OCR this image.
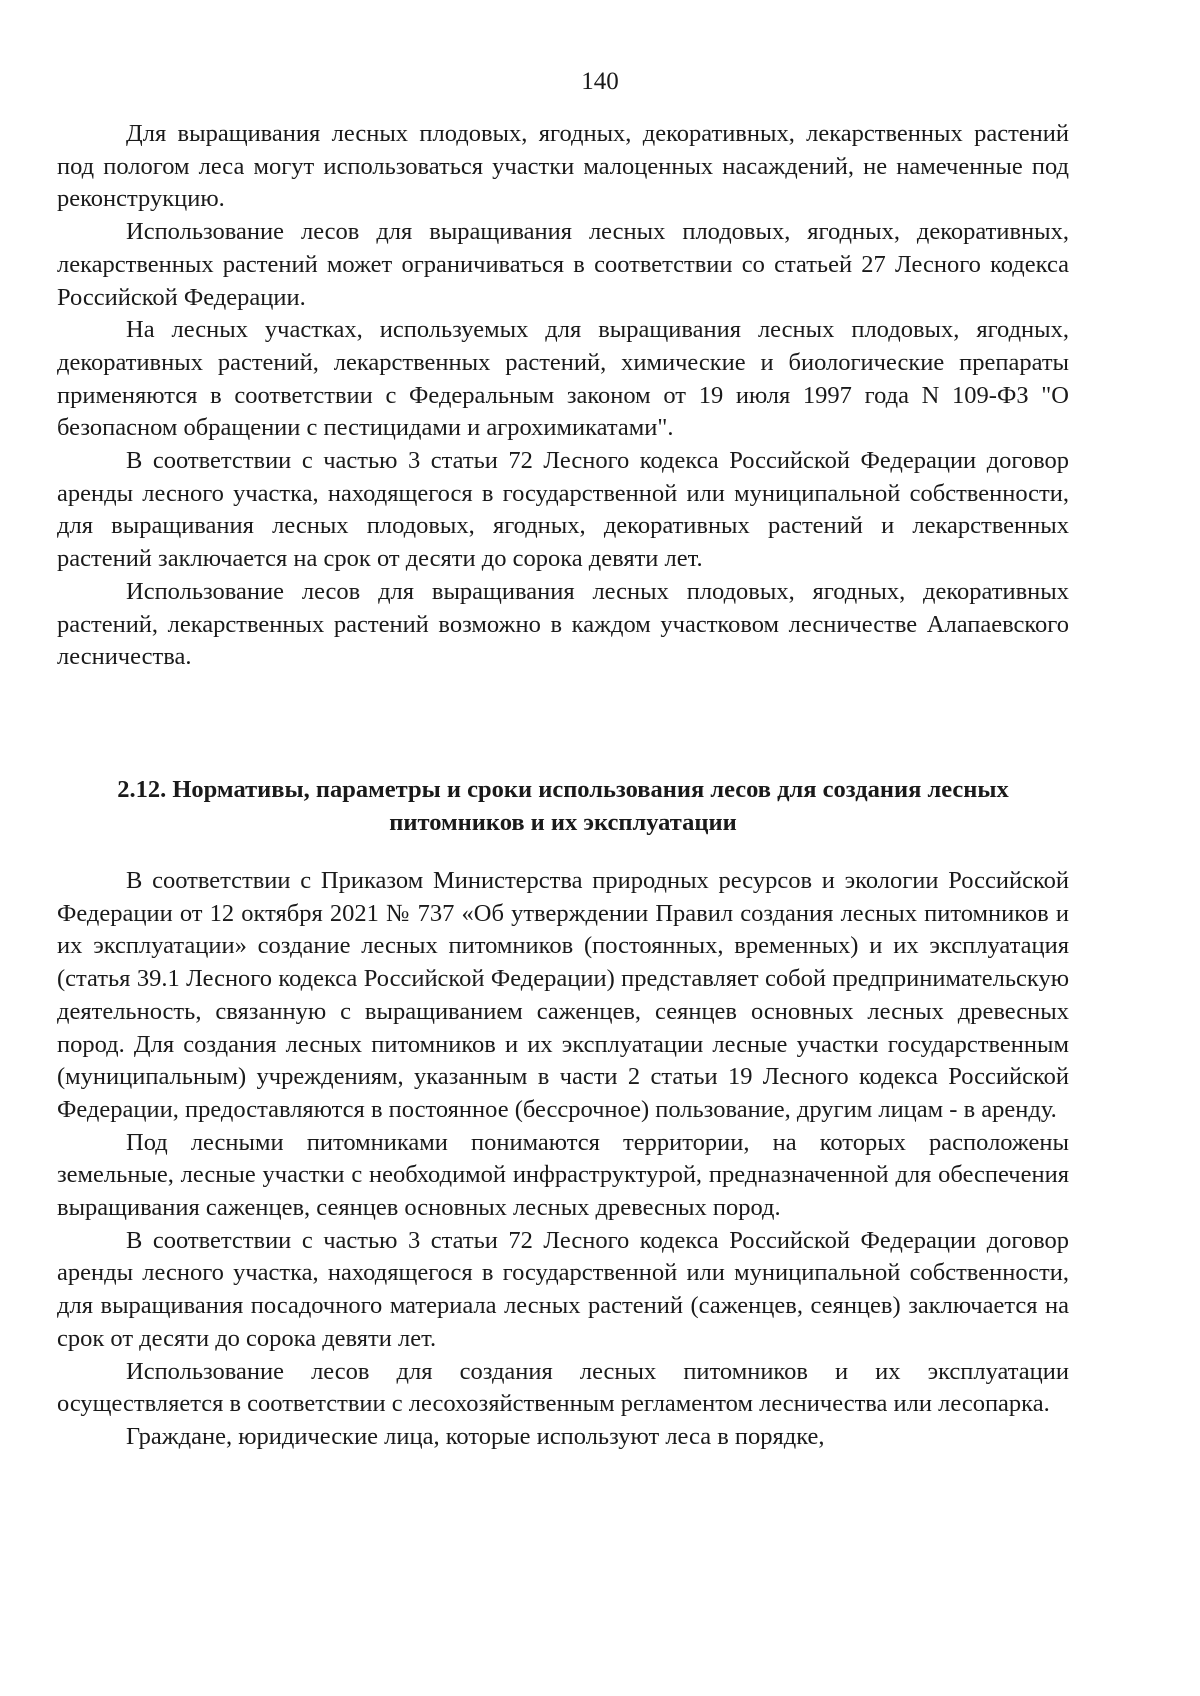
140

Для выращивания лесных плодовых, ягодных, декоративных, лекарственных растений под пологом леса могут использоваться участки малоценных насаждений, не намеченные под реконструкцию.

Использование лесов для выращивания лесных плодовых, ягодных, декоративных, лекарственных растений может ограничиваться в соответствии со статьей 27 Лесного кодекса Российской Федерации.

На лесных участках, используемых для выращивания лесных плодовых, ягодных, декоративных растений, лекарственных растений, химические и биологические препараты применяются в соответствии с Федеральным законом от 19 июля 1997 года N 109-ФЗ "О безопасном обращении с пестицидами и агрохимикатами".

В соответствии с частью 3 статьи 72 Лесного кодекса Российской Федерации договор аренды лесного участка, находящегося в государственной или муниципальной собственности, для выращивания лесных плодовых, ягодных, декоративных растений и лекарственных растений заключается на срок от десяти до сорока девяти лет.

Использование лесов для выращивания лесных плодовых, ягодных, декоративных растений, лекарственных растений возможно в каждом участковом лесничестве Алапаевского лесничества.

2.12. Нормативы, параметры и сроки использования лесов для создания лесных
питомников и их эксплуатации

В соответствии с Приказом Министерства природных ресурсов и экологии Российской Федерации от 12 октября 2021 № 737 «Об утверждении Правил создания лесных питомников и их эксплуатации» создание лесных питомников (постоянных, временных) и их эксплуатация (статья 39.1 Лесного кодекса Российской Федерации) представляет собой предпринимательскую деятельность, связанную с выращиванием саженцев, сеянцев основных лесных древесных пород. Для создания лесных питомников и их эксплуатации лесные участки государственным (муниципальным) учреждениям, указанным в части 2 статьи 19 Лесного кодекса Российской Федерации, предоставляются в постоянное (бессрочное) пользование, другим лицам - в аренду.

Под лесными питомниками понимаются территории, на которых расположены земельные, лесные участки с необходимой инфраструктурой, предназначенной для обеспечения выращивания саженцев, сеянцев основных лесных древесных пород.

В соответствии с частью 3 статьи 72 Лесного кодекса Российской Федерации договор аренды лесного участка, находящегося в государственной или муниципальной собственности, для выращивания посадочного материала лесных растений (саженцев, сеянцев) заключается на срок от десяти до сорока девяти лет.

Использование лесов для создания лесных питомников и их эксплуатации осуществляется в соответствии с лесохозяйственным регламентом лесничества или лесопарка.

Граждане, юридические лица, которые используют леса в порядке,
